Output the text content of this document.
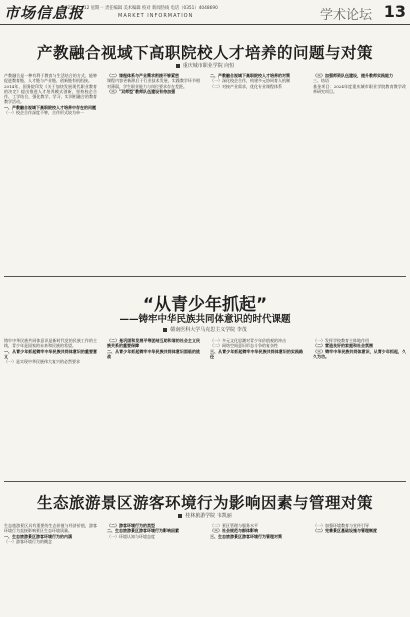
市场信息报
2025 · 6 · 12 星期一 责任编辑 美术编辑 校对 新闻热线 电话（0351）4048690
MARKET INFORMATION	学术论坛 13
产教融合视域下高职院校人才培养的问题与对策
重庆城市职业学院 向恒
产教融合是一种有利于教育与生活结合的方式，能够促进教育链、人才链与产业链、创新链有机衔接。
2014年，国务院印发《关于加快发展现代职业教育的决定》提出推进人才培养模式创新，坚持校企合作、工学结合，强化教学、学习、实训相融合的教育教学活动。
一、产教融合视域下高职院校人才培养中存在的问题
（一）校企合作深度不够，合作形式较为单一
（二）课程体系与产业需求衔接不够紧密
课程内容更新滞后于行业技术发展，实践教学环节相对薄弱，学生职业能力与岗位要求存在差距。
（三）"双师型"教师队伍建设有待加强
二、产教融合视域下高职院校人才培养的对策
（一）深化校企合作，构建多元协同育人机制
（二）对接产业需求，优化专业课程体系
（三）加强师资队伍建设，提升教师实践能力
三、结语
基金项目：2024年度重庆城市职业学院教育教学改革研究项目。
“从青少年抓起”
——铸牢中华民族共同体意识的时代课题
赣南医科大学马克思主义学院 李茂
铸牢中华民族共同体意识是新时代党的民族工作的主线，青少年是国家的未来和民族的希望。
一、从青少年抓起铸牢中华民族共同体意识的重要意义
（一）是实现中华民族伟大复兴的必然要求
（二）是巩固和发展平等团结互助和谐的社会主义民族关系的重要保障
二、从青少年抓起铸牢中华民族共同体意识面临的挑战
（一）多元文化思潮对青少年价值观的冲击
（二）网络空间意识形态斗争的复杂性
三、从青少年抓起铸牢中华民族共同体意识的实践路径
（一）发挥学校教育主阵地作用
（二）营造良好的家庭和社会氛围
（三）铸牢中华民族共同体意识，从青少年抓起，久久为功。
生态旅游景区游客环境行为影响因素与管理对策
桂林旅游学院 韦凯丽
生态旅游景区具有重要的生态价值与经济价值，游客环境行为直接影响景区生态环境质量。
一、生态旅游景区游客环境行为的内涵
（一）游客环境行为的概念
（二）游客环境行为的类型
二、生态旅游景区游客环境行为影响因素
（一）环境认知与环境态度
（二）景区管理与服务水平
（三）社会规范与群体影响
三、生态旅游景区游客环境行为管理对策
（一）加强环境教育与宣传引导
（二）完善景区基础设施与管理制度
